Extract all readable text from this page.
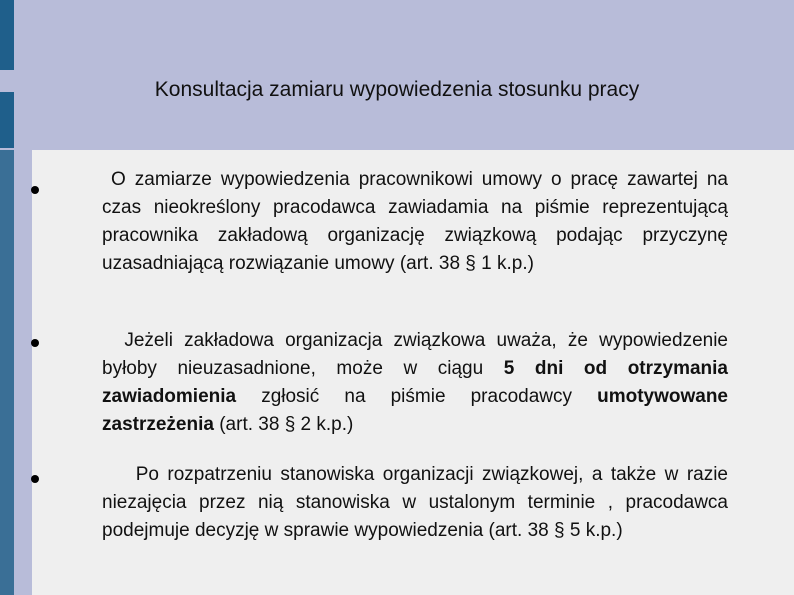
Konsultacja zamiaru wypowiedzenia stosunku pracy

O zamiarze wypowiedzenia pracownikowi umowy o pracę zawartej na czas nieokreślony pracodawca zawiadamia na piśmie reprezentującą pracownika zakładową organizację związkową podając przyczynę uzasadniającą rozwiązanie umowy (art. 38 § 1 k.p.)

Jeżeli zakładowa organizacja związkowa uważa, że wypowiedzenie byłoby nieuzasadnione, może w ciągu 5 dni od otrzymania zawiadomienia zgłosić na piśmie pracodawcy umotywowane zastrzeżenia (art. 38 § 2 k.p.)

Po rozpatrzeniu stanowiska organizacji związkowej, a także w razie niezajęcia przez nią stanowiska w ustalonym terminie , pracodawca podejmuje decyzję w sprawie wypowiedzenia (art. 38 § 5 k.p.)
